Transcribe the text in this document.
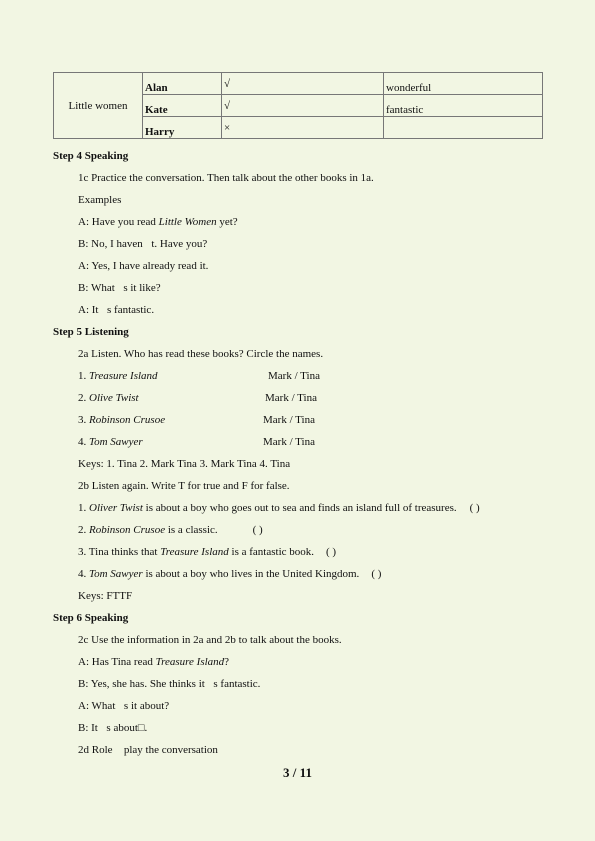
Little women	Alan	√	wonderful
	Kate	√	fantastic
	Harry	×	
Step 4 Speaking
1c Practice the conversation. Then talk about the other books in 1a.
Examples
A: Have you read Little Women yet?
B: No, I haven t. Have you?
A: Yes, I have already read it.
B: What s it like?
A: It s fantastic.
Step 5 Listening
2a Listen. Who has read these books? Circle the names.
1. Treasure Island	Mark / Tina
2. Olive Twist	Mark / Tina
3. Robinson Crusoe	Mark / Tina
4. Tom Sawyer	Mark / Tina
Keys: 1. Tina 2. Mark Tina 3. Mark Tina 4. Tina
2b Listen again. Write T for true and F for false.
1. Oliver Twist is about a boy who goes out to sea and finds an island full of treasures. ( )
2. Robinson Crusoe is a classic.	( )
3. Tina thinks that Treasure Island is a fantastic book. ( )
4. Tom Sawyer is about a boy who lives in the United Kingdom. ( )
Keys: FTTF
Step 6 Speaking
2c Use the information in 2a and 2b to talk about the books.
A: Has Tina read Treasure Island?
B: Yes, she has. She thinks it s fantastic.
A: What s it about?
B: It s about□.
2d Role play the conversation
3 / 11
